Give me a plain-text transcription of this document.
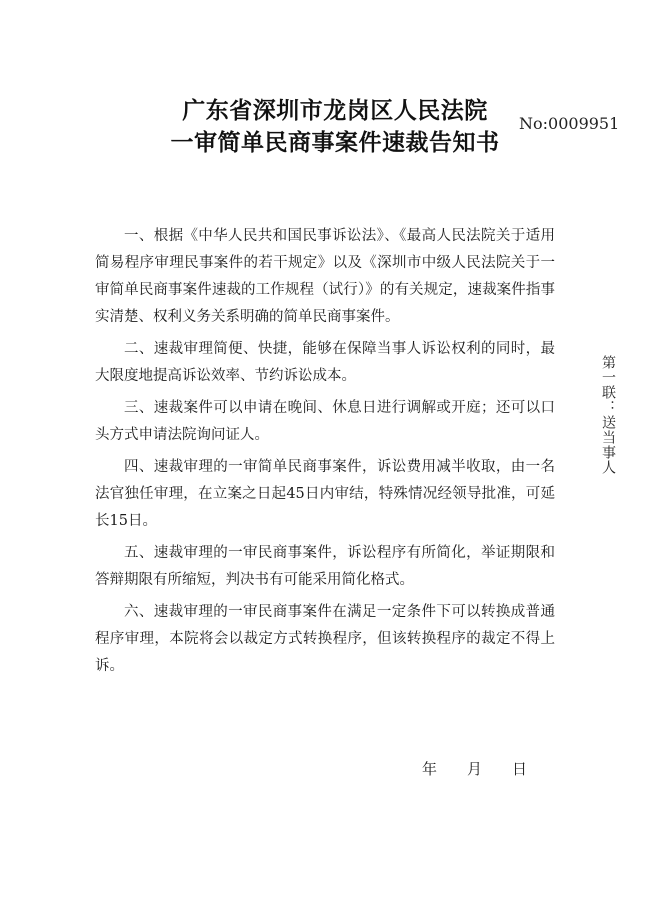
广东省深圳市龙岗区人民法院
一审简单民商事案件速裁告知书
No:0009951

一、根据《中华人民共和国民事诉讼法》、《最高人民法院关于适用简易程序审理民事案件的若干规定》以及《深圳市中级人民法院关于一审简单民商事案件速裁的工作规程（试行）》的有关规定，速裁案件指事实清楚、权利义务关系明确的简单民商事案件。

二、速裁审理简便、快捷，能够在保障当事人诉讼权利的同时，最大限度地提高诉讼效率、节约诉讼成本。

三、速裁案件可以申请在晚间、休息日进行调解或开庭；还可以口头方式申请法院询问证人。

四、速裁审理的一审简单民商事案件，诉讼费用减半收取，由一名法官独任审理，在立案之日起45日内审结，特殊情况经领导批准，可延长15日。

五、速裁审理的一审民商事案件，诉讼程序有所简化，举证期限和答辩期限有所缩短，判决书有可能采用简化格式。

六、速裁审理的一审民商事案件在满足一定条件下可以转换成普通程序审理，本院将会以裁定方式转换程序，但该转换程序的裁定不得上诉。

第一联：送当事人
年 月 日
